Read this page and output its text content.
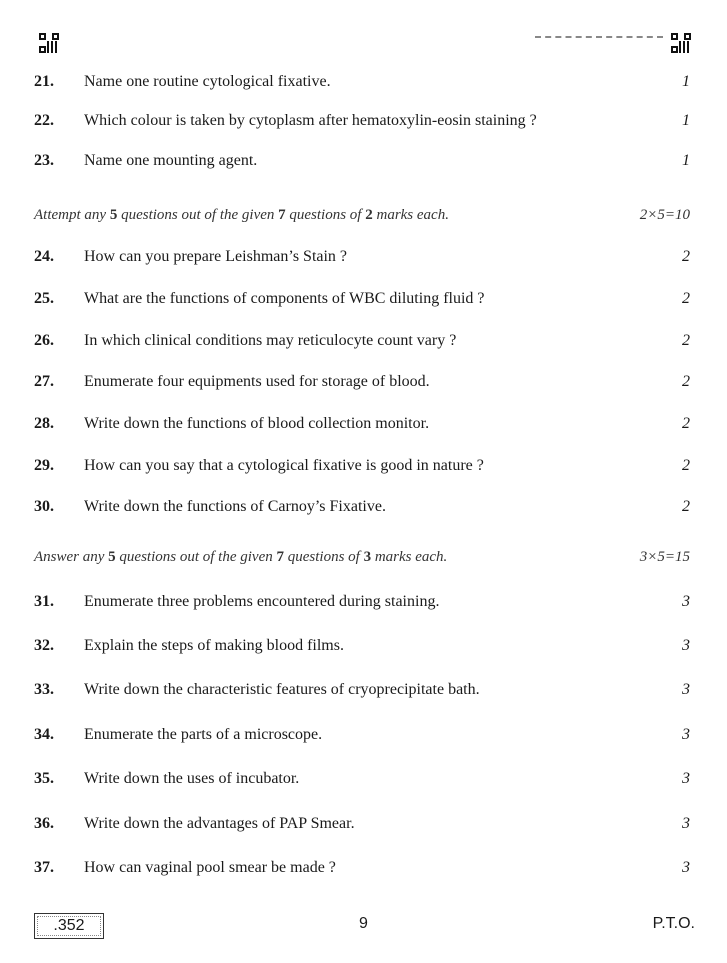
21. Name one routine cytological fixative.	1
22. Which colour is taken by cytoplasm after hematoxylin-eosin staining ?	1
23. Name one mounting agent.	1
Attempt any 5 questions out of the given 7 questions of 2 marks each.	2×5=10
24. How can you prepare Leishman’s Stain ?	2
25. What are the functions of components of WBC diluting fluid ?	2
26. In which clinical conditions may reticulocyte count vary ?	2
27. Enumerate four equipments used for storage of blood.	2
28. Write down the functions of blood collection monitor.	2
29. How can you say that a cytological fixative is good in nature ?	2
30. Write down the functions of Carnoy’s Fixative.	2
Answer any 5 questions out of the given 7 questions of 3 marks each.	3×5=15
31. Enumerate three problems encountered during staining.	3
32. Explain the steps of making blood films.	3
33. Write down the characteristic features of cryoprecipitate bath.	3
34. Enumerate the parts of a microscope.	3
35. Write down the uses of incubator.	3
36. Write down the advantages of PAP Smear.	3
37. How can vaginal pool smear be made ?	3
.352	9	P.T.O.
